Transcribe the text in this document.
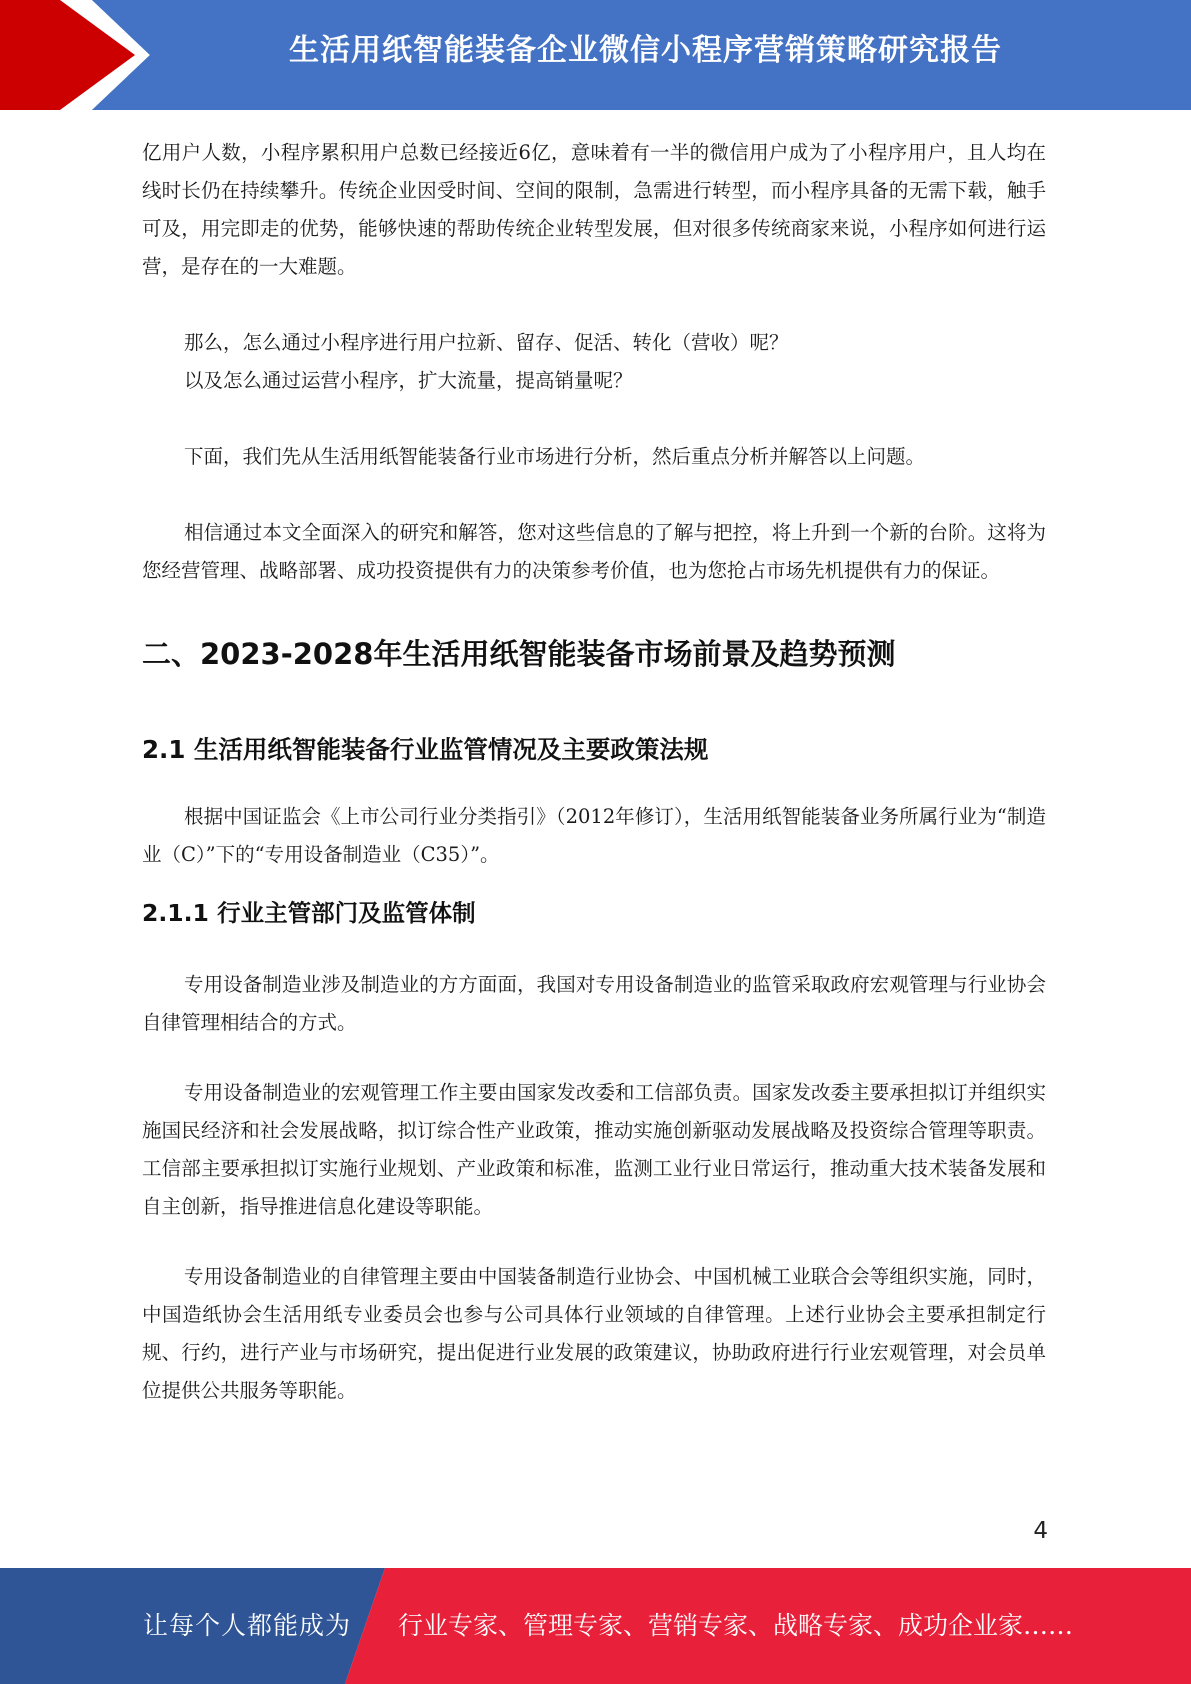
生活用纸智能装备企业微信小程序营销策略研究报告

亿用户人数，小程序累积用户总数已经接近6亿，意味着有一半的微信用户成为了小程序用户，且人均在线时长仍在持续攀升。传统企业因受时间、空间的限制，急需进行转型，而小程序具备的无需下载，触手可及，用完即走的优势，能够快速的帮助传统企业转型发展，但对很多传统商家来说，小程序如何进行运营，是存在的一大难题。

那么，怎么通过小程序进行用户拉新、留存、促活、转化（营收）呢？

以及怎么通过运营小程序，扩大流量，提高销量呢？

下面，我们先从生活用纸智能装备行业市场进行分析，然后重点分析并解答以上问题。

相信通过本文全面深入的研究和解答，您对这些信息的了解与把控，将上升到一个新的台阶。这将为您经营管理、战略部署、成功投资提供有力的决策参考价值，也为您抢占市场先机提供有力的保证。

二、2023-2028年生活用纸智能装备市场前景及趋势预测
2.1 生活用纸智能装备行业监管情况及主要政策法规

根据中国证监会《上市公司行业分类指引》（2012年修订），生活用纸智能装备业务所属行业为“制造业（C）”下的“专用设备制造业（C35）”。

2.1.1 行业主管部门及监管体制

专用设备制造业涉及制造业的方方面面，我国对专用设备制造业的监管采取政府宏观管理与行业协会自律管理相结合的方式。

专用设备制造业的宏观管理工作主要由国家发改委和工信部负责。国家发改委主要承担拟订并组织实施国民经济和社会发展战略，拟订综合性产业政策，推动实施创新驱动发展战略及投资综合管理等职责。工信部主要承担拟订实施行业规划、产业政策和标准，监测工业行业日常运行，推动重大技术装备发展和自主创新，指导推进信息化建设等职能。

专用设备制造业的自律管理主要由中国装备制造行业协会、中国机械工业联合会等组织实施，同时，中国造纸协会生活用纸专业委员会也参与公司具体行业领域的自律管理。上述行业协会主要承担制定行规、行约，进行产业与市场研究，提出促进行业发展的政策建议，协助政府进行行业宏观管理，对会员单位提供公共服务等职能。

4
让每个人都能成为 行业专家、管理专家、营销专家、战略专家、成功企业家……
